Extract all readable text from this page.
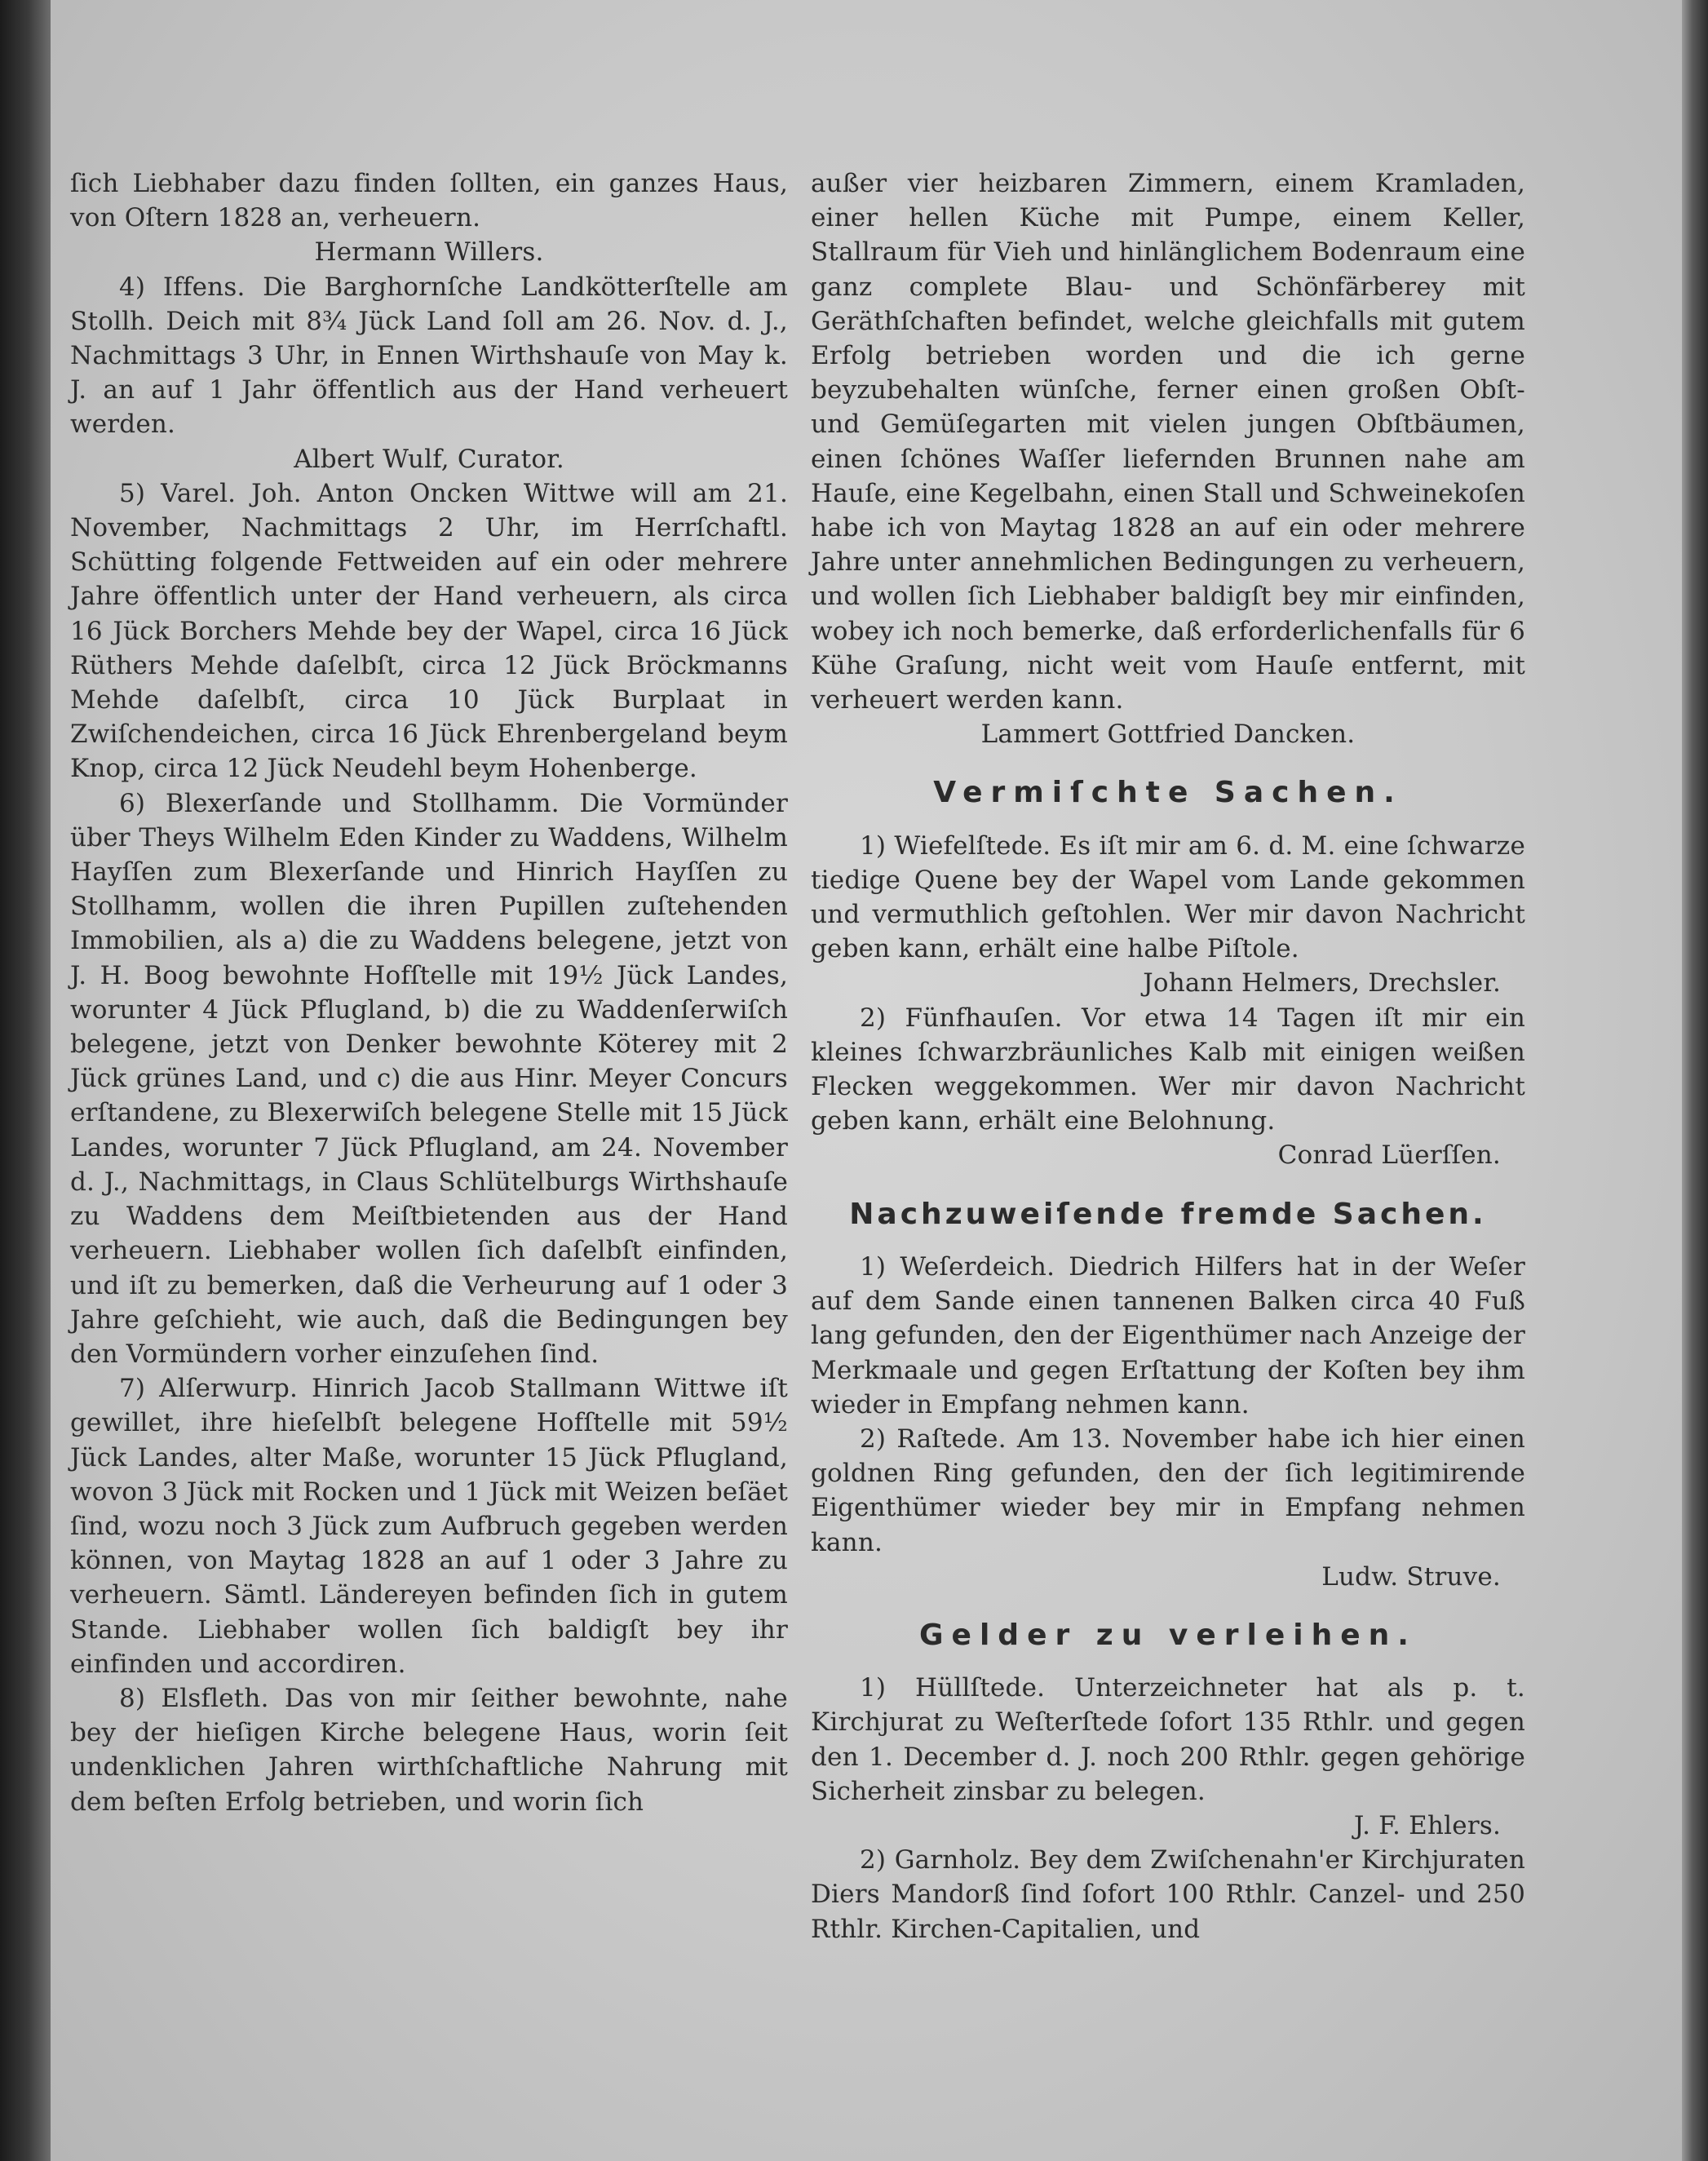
ſich Liebhaber dazu finden ſollten, ein ganzes Haus, von Oſtern 1828 an, verheuern.

Hermann Willers.

4) Iffens. Die Barghornſche Landkötterſtelle am Stollh. Deich mit 8¾ Jück Land ſoll am 26. Nov. d. J., Nachmittags 3 Uhr, in Ennen Wirthshauſe von May k. J. an auf 1 Jahr öffentlich aus der Hand verheuert werden.

Albert Wulf, Curator.

5) Varel. Joh. Anton Oncken Wittwe will am 21. November, Nachmittags 2 Uhr, im Herrſchaftl. Schütting folgende Fettweiden auf ein oder mehrere Jahre öffentlich unter der Hand verheuern, als circa 16 Jück Borchers Mehde bey der Wapel, circa 16 Jück Rüthers Mehde daſelbſt, circa 12 Jück Bröckmanns Mehde daſelbſt, circa 10 Jück Burplaat in Zwiſchendeichen, circa 16 Jück Ehrenbergeland beym Knop, circa 12 Jück Neudehl beym Hohenberge.

6) Blexerſande und Stollhamm. Die Vormünder über Theys Wilhelm Eden Kinder zu Waddens, Wilhelm Hayſſen zum Blexerſande und Hinrich Hayſſen zu Stollhamm, wollen die ihren Pupillen zuſtehenden Immobilien, als a) die zu Waddens belegene, jetzt von J. H. Boog bewohnte Hofſtelle mit 19½ Jück Landes, worunter 4 Jück Pflugland, b) die zu Waddenſerwiſch belegene, jetzt von Denker bewohnte Köterey mit 2 Jück grünes Land, und c) die aus Hinr. Meyer Concurs erſtandene, zu Blexerwiſch belegene Stelle mit 15 Jück Landes, worunter 7 Jück Pflugland, am 24. November d. J., Nachmittags, in Claus Schlütelburgs Wirthshauſe zu Waddens dem Meiſtbietenden aus der Hand verheuern. Liebhaber wollen ſich daſelbſt einfinden, und iſt zu bemerken, daß die Verheurung auf 1 oder 3 Jahre geſchieht, wie auch, daß die Bedingungen bey den Vormündern vorher einzuſehen ſind.

7) Alſerwurp. Hinrich Jacob Stallmann Wittwe iſt gewillet, ihre hieſelbſt belegene Hofſtelle mit 59½ Jück Landes, alter Maße, worunter 15 Jück Pflugland, wovon 3 Jück mit Rocken und 1 Jück mit Weizen beſäet ſind, wozu noch 3 Jück zum Aufbruch gegeben werden können, von Maytag 1828 an auf 1 oder 3 Jahre zu verheuern. Sämtl. Ländereyen befinden ſich in gutem Stande. Liebhaber wollen ſich baldigſt bey ihr einfinden und accordiren.

8) Elsfleth. Das von mir ſeither bewohnte, nahe bey der hieſigen Kirche belegene Haus, worin ſeit undenklichen Jahren wirthſchaftliche Nahrung mit dem beſten Erfolg betrieben, und worin ſich

außer vier heizbaren Zimmern, einem Kramladen, einer hellen Küche mit Pumpe, einem Keller, Stallraum für Vieh und hinlänglichem Bodenraum eine ganz complete Blau- und Schönfärberey mit Geräthſchaften befindet, welche gleichfalls mit gutem Erfolg betrieben worden und die ich gerne beyzubehalten wünſche, ferner einen großen Obſt- und Gemüſegarten mit vielen jungen Obſtbäumen, einen ſchönes Waſſer liefernden Brunnen nahe am Hauſe, eine Kegelbahn, einen Stall und Schweinekoſen habe ich von Maytag 1828 an auf ein oder mehrere Jahre unter annehmlichen Bedingungen zu verheuern, und wollen ſich Liebhaber baldigſt bey mir einfinden, wobey ich noch bemerke, daß erforderlichenfalls für 6 Kühe Graſung, nicht weit vom Hauſe entfernt, mit verheuert werden kann.

Lammert Gottfried Dancken.

Vermiſchte Sachen.

1) Wiefelſtede. Es iſt mir am 6. d. M. eine ſchwarze tiedige Quene bey der Wapel vom Lande gekommen und vermuthlich geſtohlen. Wer mir davon Nachricht geben kann, erhält eine halbe Piſtole.

Johann Helmers, Drechsler.

2) Fünfhauſen. Vor etwa 14 Tagen iſt mir ein kleines ſchwarzbräunliches Kalb mit einigen weißen Flecken weggekommen. Wer mir davon Nachricht geben kann, erhält eine Belohnung.

Conrad Lüerſſen.

Nachzuweiſende fremde Sachen.

1) Weſerdeich. Diedrich Hilfers hat in der Weſer auf dem Sande einen tannenen Balken circa 40 Fuß lang gefunden, den der Eigenthümer nach Anzeige der Merkmaale und gegen Erſtattung der Koſten bey ihm wieder in Empfang nehmen kann.

2) Raſtede. Am 13. November habe ich hier einen goldnen Ring gefunden, den der ſich legitimirende Eigenthümer wieder bey mir in Empfang nehmen kann.

Ludw. Struve.

Gelder zu verleihen.

1) Hüllſtede. Unterzeichneter hat als p. t. Kirchjurat zu Weſterſtede ſofort 135 Rthlr. und gegen den 1. December d. J. noch 200 Rthlr. gegen gehörige Sicherheit zinsbar zu belegen.

J. F. Ehlers.

2) Garnholz. Bey dem Zwiſchenahn'er Kirchjuraten Diers Mandorß ſind ſofort 100 Rthlr. Canzel- und 250 Rthlr. Kirchen-Capitalien, und
